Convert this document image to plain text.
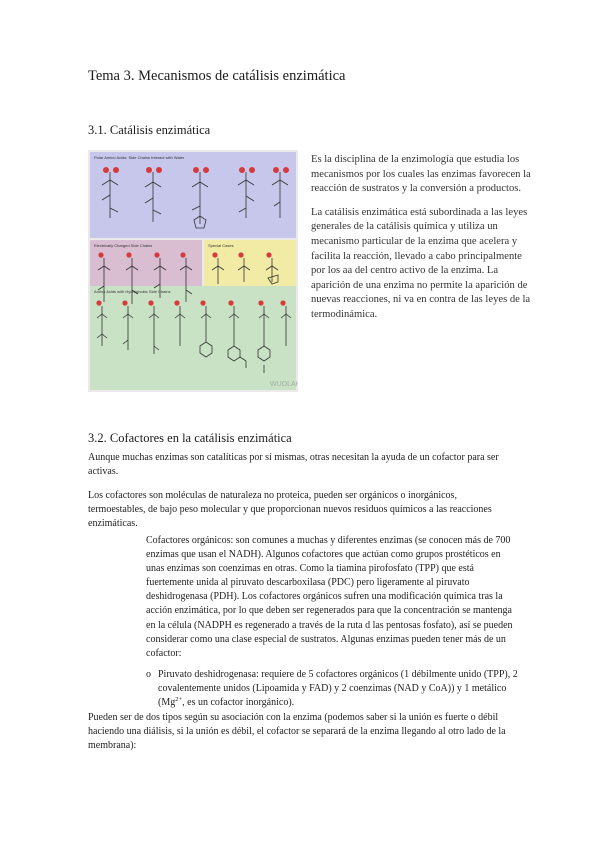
Tema 3. Mecanismos de catálisis enzimática
3.1. Catálisis enzimática
Polar Amino Acids: Side Chains Interact with Water
Electrically Charged Side Chains	Special Cases
Amino Acids with Hydrophobic Side Chains
WUOLAH

Es la disciplina de la enzimología que estudia los mecanismos por los cuales las enzimas favorecen la reacción de sustratos y la conversión a productos.

La catálisis enzimática está subordinada a las leyes generales de la catálisis química y utiliza un mecanismo particular de la enzima que acelera y facilita la reacción, llevado a cabo principalmente por los aa del centro activo de la enzima. La aparición de una enzima no permite la aparición de nuevas reacciones, ni va en contra de las leyes de la termodinámica.

3.2. Cofactores en la catálisis enzimática
Aunque muchas enzimas son catalíticas por sí mismas, otras necesitan la ayuda de un cofactor para ser activas.
Los cofactores son moléculas de naturaleza no proteica, pueden ser orgánicos o inorgánicos, termoestables, de bajo peso molecular y que proporcionan nuevos residuos químicos a las reacciones enzimáticas.
Cofactores orgánicos: son comunes a muchas y diferentes enzimas (se conocen más de 700 enzimas que usan el NADH). Algunos cofactores que actúan como grupos prostéticos en unas enzimas son coenzimas en otras. Como la tiamina pirofosfato (TPP) que está fuertemente unida al piruvato descarboxilasa (PDC) pero ligeramente al piruvato deshidrogenasa (PDH). Los cofactores orgánicos sufren una modificación química tras la acción enzimática, por lo que deben ser regenerados para que la concentración se mantenga en la célula (NADPH es regenerado a través de la ruta d las pentosas fosfato), así se pueden considerar como una clase especial de sustratos. Algunas enzimas pueden tener más de un cofactor:
o Piruvato deshidrogenasa: requiere de 5 cofactores orgánicos (1 débilmente unido (TPP), 2 covalentemente unidos (Lipoamida y FAD) y 2 coenzimas (NAD y CoA)) y 1 metálico ($Mg^{2+}$, es un cofactor inorgánico).
Pueden ser de dos tipos según su asociación con la enzima (podemos saber si la unión es fuerte o débil haciendo una diálisis, si la unión es débil, el cofactor se separará de la enzima llegando al otro lado de la membrana):
